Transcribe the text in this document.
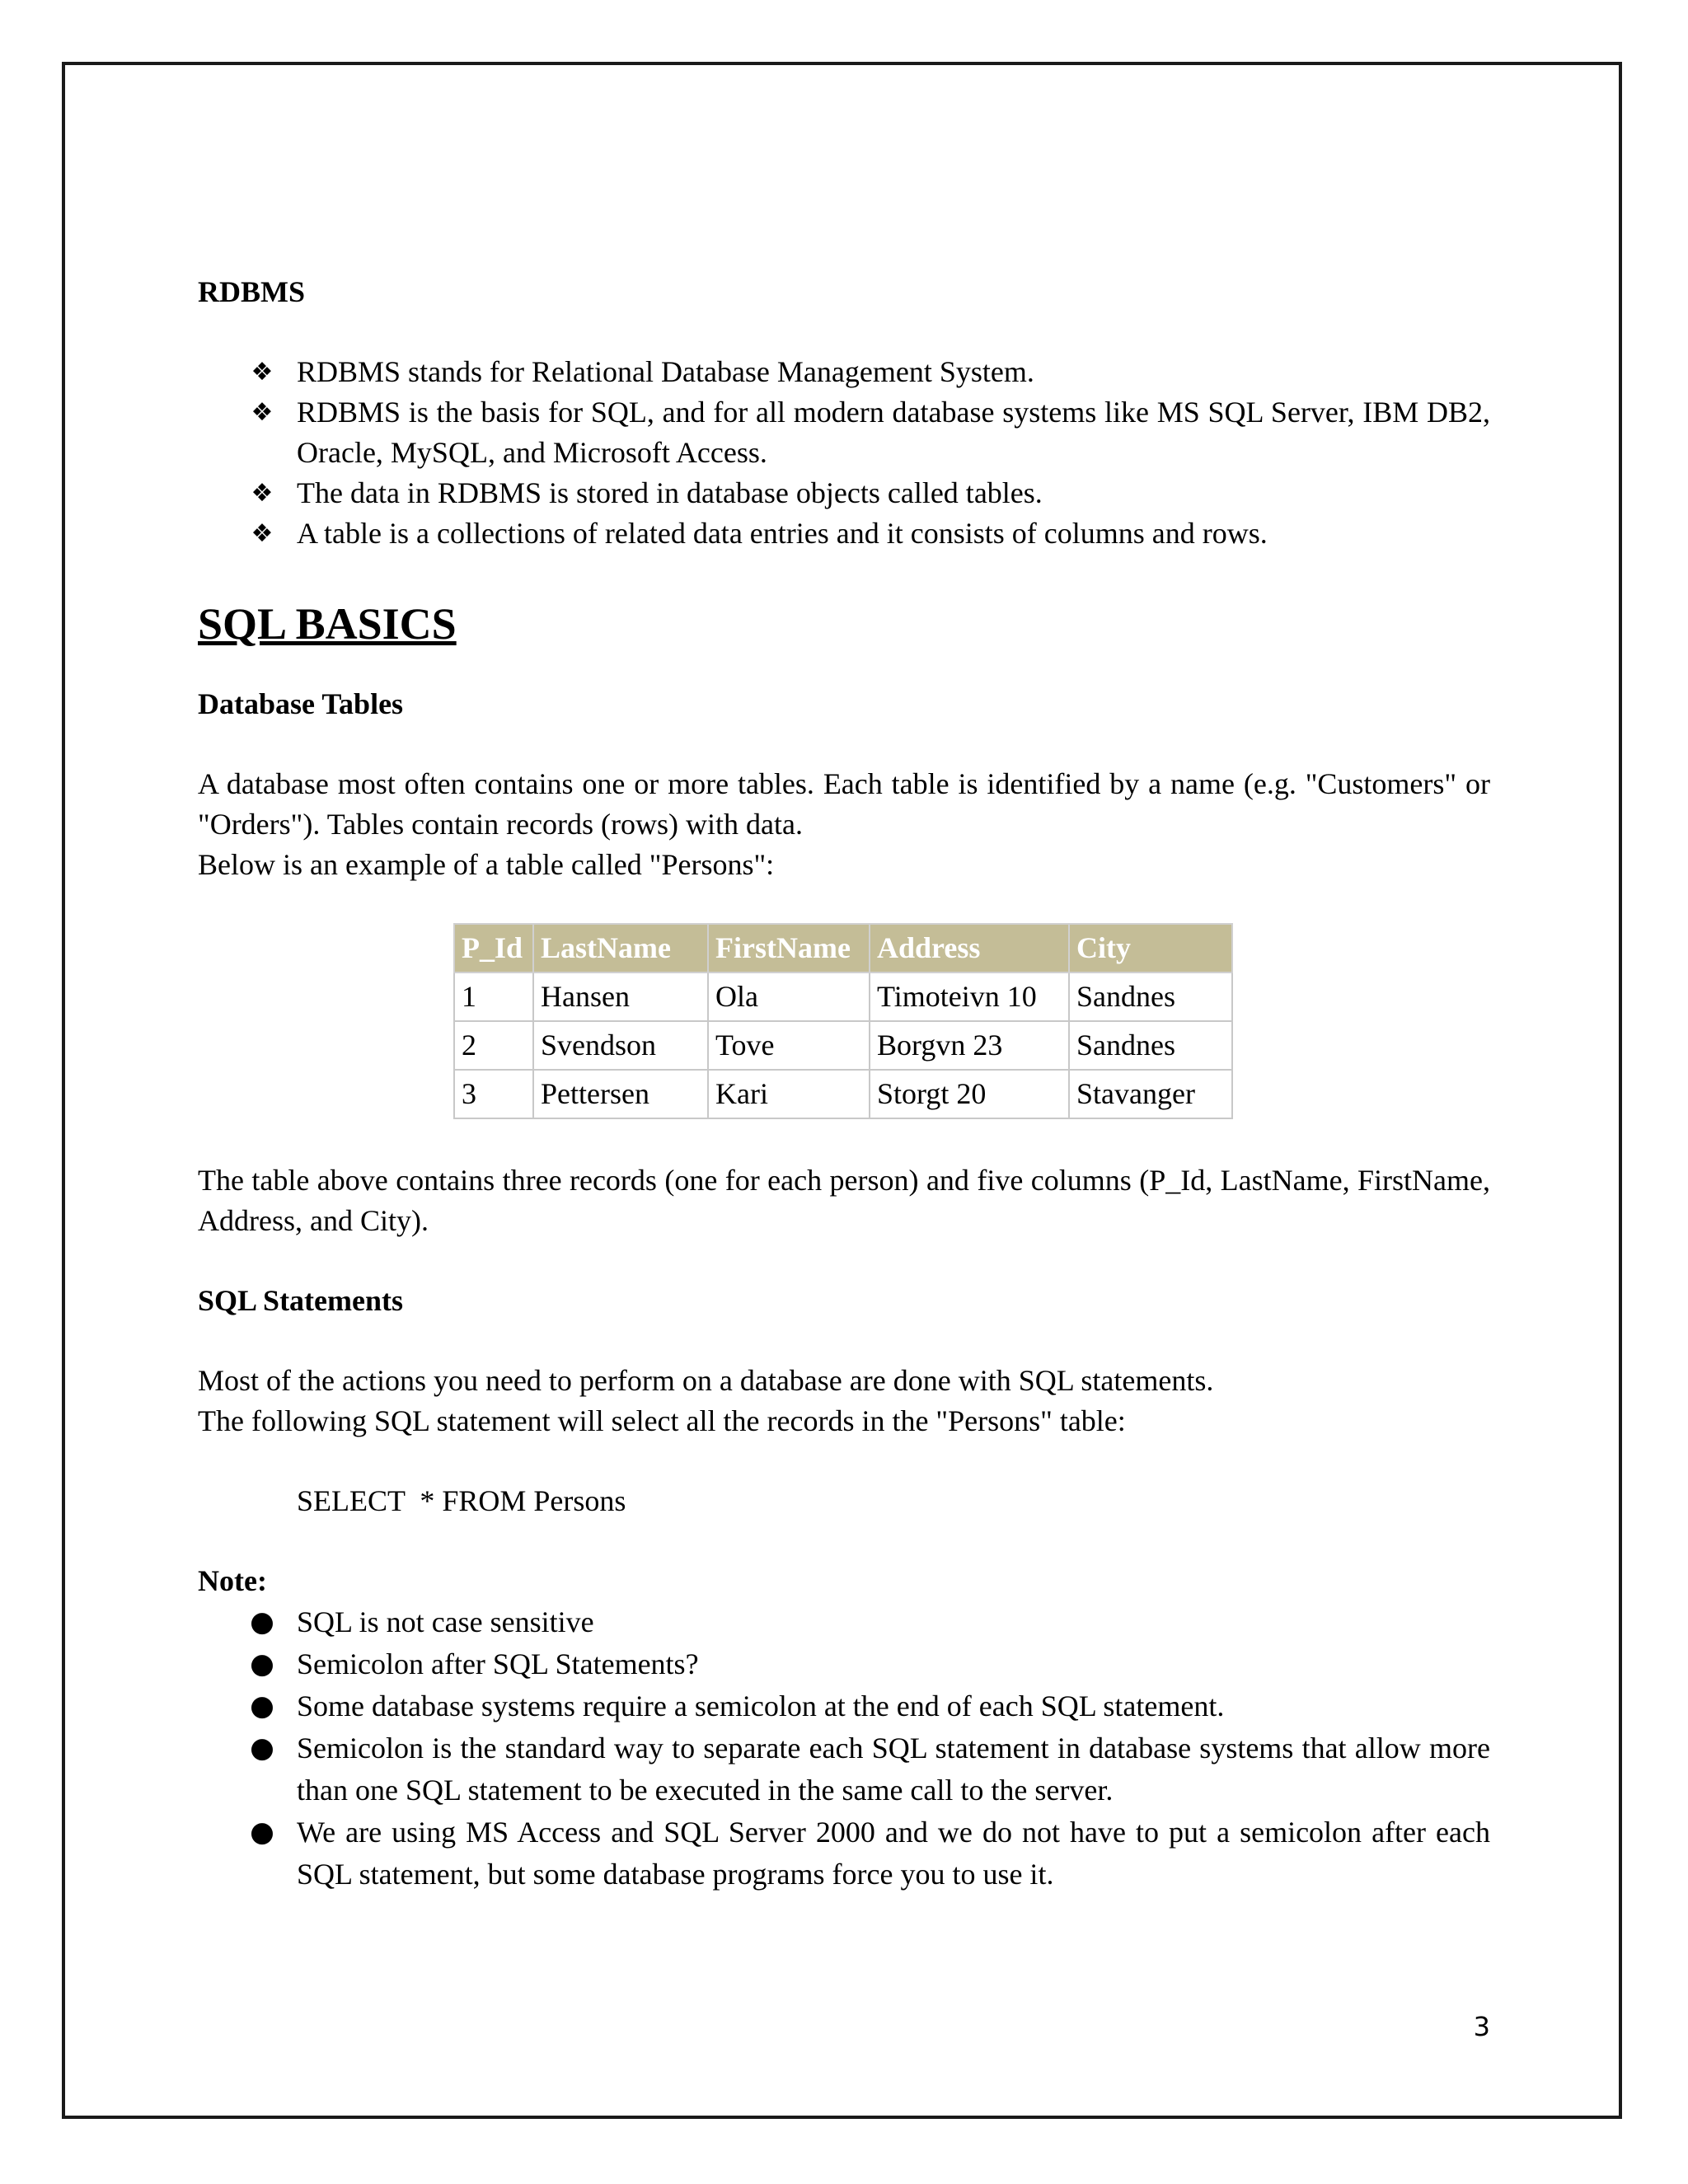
RDBMS
❖ RDBMS stands for Relational Database Management System.
❖ RDBMS is the basis for SQL, and for all modern database systems like MS SQL Server, IBM DB2, Oracle, MySQL, and Microsoft Access.
❖ The data in RDBMS is stored in database objects called tables.
❖ A table is a collections of related data entries and it consists of columns and rows.
SQL BASICS
Database Tables

A database most often contains one or more tables. Each table is identified by a name (e.g. "Customers" or "Orders"). Tables contain records (rows) with data.

Below is an example of a table called "Persons":

P_Id	LastName	FirstName	Address	City
1	Hansen	Ola	Timoteivn 10	Sandnes
2	Svendson	Tove	Borgvn 23	Sandnes
3	Pettersen	Kari	Storgt 20	Stavanger

The table above contains three records (one for each person) and five columns (P_Id, LastName, FirstName, Address, and City).

SQL Statements

Most of the actions you need to perform on a database are done with SQL statements.

The following SQL statement will select all the records in the "Persons" table:

SELECT  * FROM Persons
Note:
● SQL is not case sensitive
● Semicolon after SQL Statements?
● Some database systems require a semicolon at the end of each SQL statement.
● Semicolon is the standard way to separate each SQL statement in database systems that allow more than one SQL statement to be executed in the same call to the server.
● We are using MS Access and SQL Server 2000 and we do not have to put a semicolon after each SQL statement, but some database programs force you to use it.
3
